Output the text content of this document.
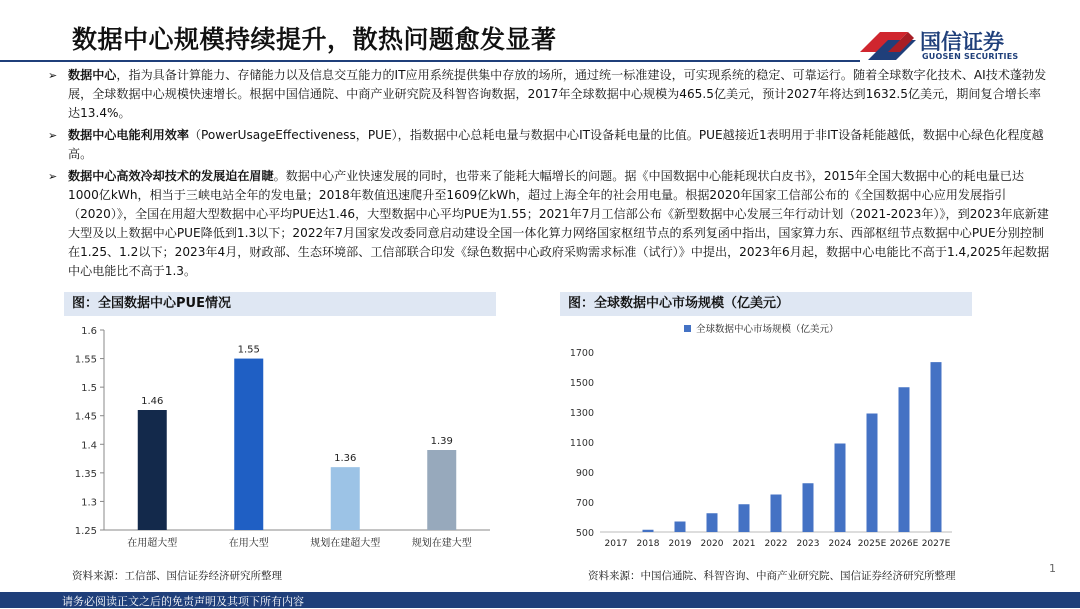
数据中心规模持续提升，散热问题愈发显著	国信证券
GUOSEN SECURITIES
➢ 数据中心，指为具备计算能力、存储能力以及信息交互能力的IT应用系统提供集中存放的场所，通过统一标准建设，可实现系统的稳定、可靠运行。随着全球数字化技术、AI技术蓬勃发展，全球数据中心规模快速增长。根据中国信通院、中商产业研究院及科智咨询数据，2017年全球数据中心规模为465.5亿美元，预计2027年将达到1632.5亿美元，期间复合增长率达13.4%。
➢ 数据中心电能利用效率（PowerUsageEffectiveness，PUE），指数据中心总耗电量与数据中心IT设备耗电量的比值。PUE越接近1表明用于非IT设备耗能越低，数据中心绿色化程度越高。
➢ 数据中心高效冷却技术的发展迫在眉睫。数据中心产业快速发展的同时，也带来了能耗大幅增长的问题。据《中国数据中心能耗现状白皮书》，2015年全国大数据中心的耗电量已达1000亿kWh，相当于三峡电站全年的发电量；2018年数值迅速爬升至1609亿kWh，超过上海全年的社会用电量。根据2020年国家工信部公布的《全国数据中心应用发展指引（2020）》，全国在用超大型数据中心平均PUE达1.46，大型数据中心平均PUE为1.55；2021年7月工信部公布《新型数据中心发展三年行动计划（2021-2023年）》，到2023年底新建大型及以上数据中心PUE降低到1.3以下；2022年7月国家发改委同意启动建设全国一体化算力网络国家枢纽节点的系列复函中指出，国家算力东、西部枢纽节点数据中心PUE分别控制在1.25、1.2以下；2023年4月，财政部、生态环境部、工信部联合印发《绿色数据中心政府采购需求标准（试行）》中提出，2023年6月起，数据中心电能比不高于1.4,2025年起数据中心电能比不高于1.3。
图：全国数据中心PUE情况	图：全球数据中心市场规模（亿美元）
1.25
1.3
1.35
1.4
1.45
1.5
1.55
1.6
1.46
在用超大型
1.55
在用大型
1.36
规划在建超大型
1.39
规划在建大型
500
700
900
1100
1300
1500
1700
全球数据中心市场规模（亿美元）
2017 2018 2019 2020 2021 2022 2023 2024 2025E 2026E 2027E
资料来源：工信部、国信证券经济研究所整理	资料来源：中国信通院、科智咨询、中商产业研究院、国信证券经济研究所整理
1
请务必阅读正文之后的免责声明及其项下所有内容
